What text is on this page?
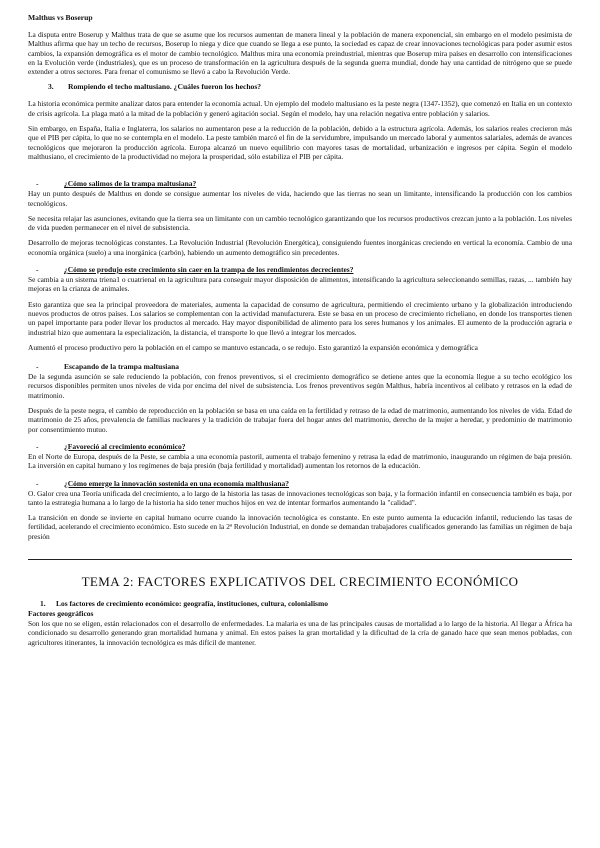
Malthus vs Boserup

La disputa entre Boserup y Malthus trata de que se asume que los recursos aumentan de manera lineal y la población de manera exponencial, sin embargo en el modelo pesimista de Malthus afirma que hay un techo de recursos, Boserup lo niega y dice que cuando se llega a ese punto, la sociedad es capaz de crear innovaciones tecnológicas para poder asumir estos cambios, la expansión demográfica es el motor de cambio tecnológico. Malthus mira una economía preindustrial, mientras que Boserup mira países en desarrollo con intensificaciones en la Evolución verde (industriales), que es un proceso de transformación en la agricultura después de la segunda guerra mundial, donde hay una cantidad de nitrógeno que se puede extender a otros sectores. Para frenar el comunismo se llevó a cabo la Revolución Verde.

3. Rompiendo el techo maltusiano. ¿Cuáles fueron los hechos?

La historia económica permite analizar datos para entender la economía actual. Un ejemplo del modelo maltusiano es la peste negra (1347-1352), que comenzó en Italia en un contexto de crisis agrícola. La plaga mató a la mitad de la población y generó agitación social. Según el modelo, hay una relación negativa entre población y salarios.

Sin embargo, en España, Italia e Inglaterra, los salarios no aumentaron pese a la reducción de la población, debido a la estructura agrícola. Además, los salarios reales crecieron más que el PIB per cápita, lo que no se contempla en el modelo. La peste también marcó el fin de la servidumbre, impulsando un mercado laboral y aumentos salariales, además de avances tecnológicos que mejoraron la producción agrícola. Europa alcanzó un nuevo equilibrio con mayores tasas de mortalidad, urbanización e ingresos per cápita. Según el modelo malthusiano, el crecimiento de la productividad no mejora la prosperidad, sólo estabiliza el PIB per cápita.

-	¿Cómo salimos de la trampa maltusiana?

Hay un punto después de Malthus en donde se consigue aumentar los niveles de vida, haciendo que las tierras no sean un limitante, intensificando la producción con los cambios tecnológicos.

Se necesita relajar las asunciones, evitando que la tierra sea un limitante con un cambio tecnológico garantizando que los recursos productivos crezcan junto a la población. Los niveles de vida pueden permanecer en el nivel de subsistencia.

Desarrollo de mejoras tecnológicas constantes. La Revolución Industrial (Revolución Energética), consiguiendo fuentes inorgánicas creciendo en vertical la economía. Cambio de una economía orgánica (suelo) a una inorgánica (carbón), habiendo un aumento demográfico sin precedentes.

-	¿Cómo se produjo este crecimiento sin caer en la trampa de los rendimientos decrecientes?

Se cambia a un sistema triena1 o cuatrienal en la agricultura para conseguir mayor disposición de alimentos, intensificando la agricultura seleccionando semillas, razas, ... también hay mejoras en la crianza de animales.

Esto garantiza que sea la principal proveedora de materiales, aumenta la capacidad de consumo de agricultura, permitiendo el crecimiento urbano y la globalización introduciendo nuevos productos de otros países. Los salarios se complementan con la actividad manufacturera. Este se basa en un proceso de crecimiento richeliano, en donde los transportes tienen un papel importante para poder llevar los productos al mercado. Hay mayor disponibilidad de alimento para los seres humanos y los animales. El aumento de la producción agraria e industrial hizo que aumentara la especialización, la distancia, el transporte lo que llevó a integrar los mercados.

Aumentó el proceso productivo pero la población en el campo se mantuvo estancada, o se redujo. Esto garantizó la expansión económica y demográfica

-	Escapando de la trampa maltusiana

De la segunda asunción se sale reduciendo la población, con frenos preventivos, si el crecimiento demográfico se detiene antes que la economía llegue a su techo ecológico los recursos disponibles permiten unos niveles de vida por encima del nivel de subsistencia. Los frenos preventivos según Malthus, habría incentivos al celibato y retrasos en la edad de matrimonio.

Después de la peste negra, el cambio de reproducción en la población se basa en una caída en la fertilidad y retraso de la edad de matrimonio, aumentando los niveles de vida. Edad de matrimonio de 25 años, prevalencia de familias nucleares y la tradición de trabajar fuera del hogar antes del matrimonio, derecho de la mujer a heredar, y predominio de matrimonio por consentimiento mutuo.

-	¿Favoreció al crecimiento económico?

En el Norte de Europa, después de la Peste, se cambia a una economía pastoril, aumenta el trabajo femenino y retrasa la edad de matrimonio, inaugurando un régimen de baja presión. La inversión en capital humano y los regímenes de baja presión (baja fertilidad y mortalidad) aumentan los retornos de la educación.

-	¿Cómo emerge la innovación sostenida en una economía malthusiana?

O. Galor crea una Teoría unificada del crecimiento, a lo largo de la historia las tasas de innovaciones tecnológicas son baja, y la formación infantil en consecuencia también es baja, por tanto la estrategia humana a lo largo de la historia ha sido tener muchos hijos en vez de intentar formarlos aumentando la "calidad".

La transición en donde se invierte en capital humano ocurre cuando la innovación tecnológica es constante. En este punto aumenta la educación infantil, reduciendo las tasas de fertilidad, acelerando el crecimiento económico. Esto sucede en la 2ª Revolución Industrial, en donde se demandan trabajadores cualificados generando las familias un régimen de baja presión

TEMA 2: FACTORES EXPLICATIVOS DEL CRECIMIENTO ECONÓMICO
1. Los factores de crecimiento económico: geografía, instituciones, cultura, colonialismo
Factores geográficos

Son los que no se eligen, están relacionados con el desarrollo de enfermedades. La malaria es una de las principales causas de mortalidad a lo largo de la historia. Al llegar a África ha condicionado su desarrollo generando gran mortalidad humana y animal. En estos países la gran mortalidad y la dificultad de la cría de ganado hace que sean menos pobladas, con agricultores itinerantes, la innovación tecnológica es más difícil de mantener.
